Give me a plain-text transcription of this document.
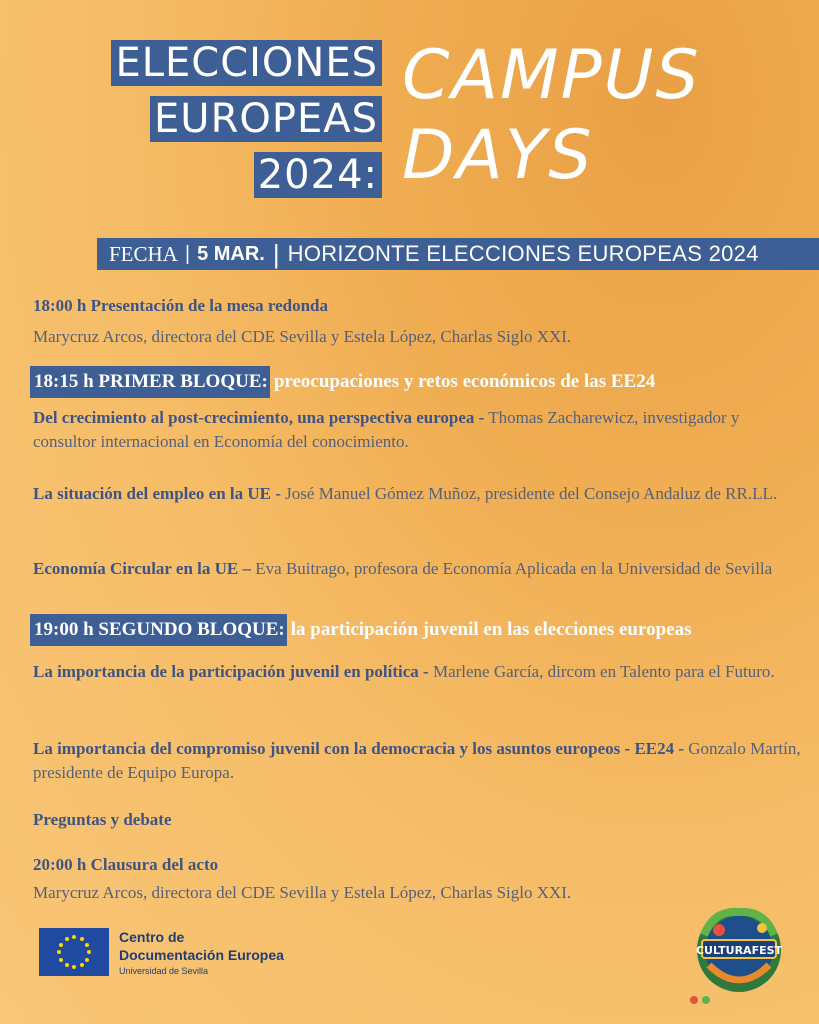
ELECCIONES
EUROPEAS
2024:
CAMPUS
DAYS
FECHA | 5 MAR. | HORIZONTE ELECCIONES EUROPEAS 2024
18:00 h Presentación de la mesa redonda
Marycruz Arcos, directora del CDE Sevilla y Estela López, Charlas Siglo XXI.
18:15 h PRIMER BLOQUE: preocupaciones y retos económicos de las EE24
Del crecimiento al post-crecimiento, una perspectiva europea - Thomas Zacharewicz, investigador y consultor internacional en Economía del conocimiento.
La situación del empleo en la UE - José Manuel Gómez Muñoz, presidente del Consejo Andaluz de RR.LL.
Economía Circular en la UE – Eva Buitrago, profesora de Economía Aplicada en la Universidad de Sevilla
19:00 h SEGUNDO BLOQUE: la participación juvenil en las elecciones europeas
La importancia de la participación juvenil en política - Marlene García, dircom en Talento para el Futuro.
La importancia del compromiso juvenil con la democracia y los asuntos europeos - EE24 - Gonzalo Martín, presidente de Equipo Europa.
Preguntas y debate
20:00 h Clausura del acto
Marycruz Arcos, directora del CDE Sevilla y Estela López, Charlas Siglo XXI.
Centro de
Documentación Europea
Universidad de Sevilla
CULTURAFEST
